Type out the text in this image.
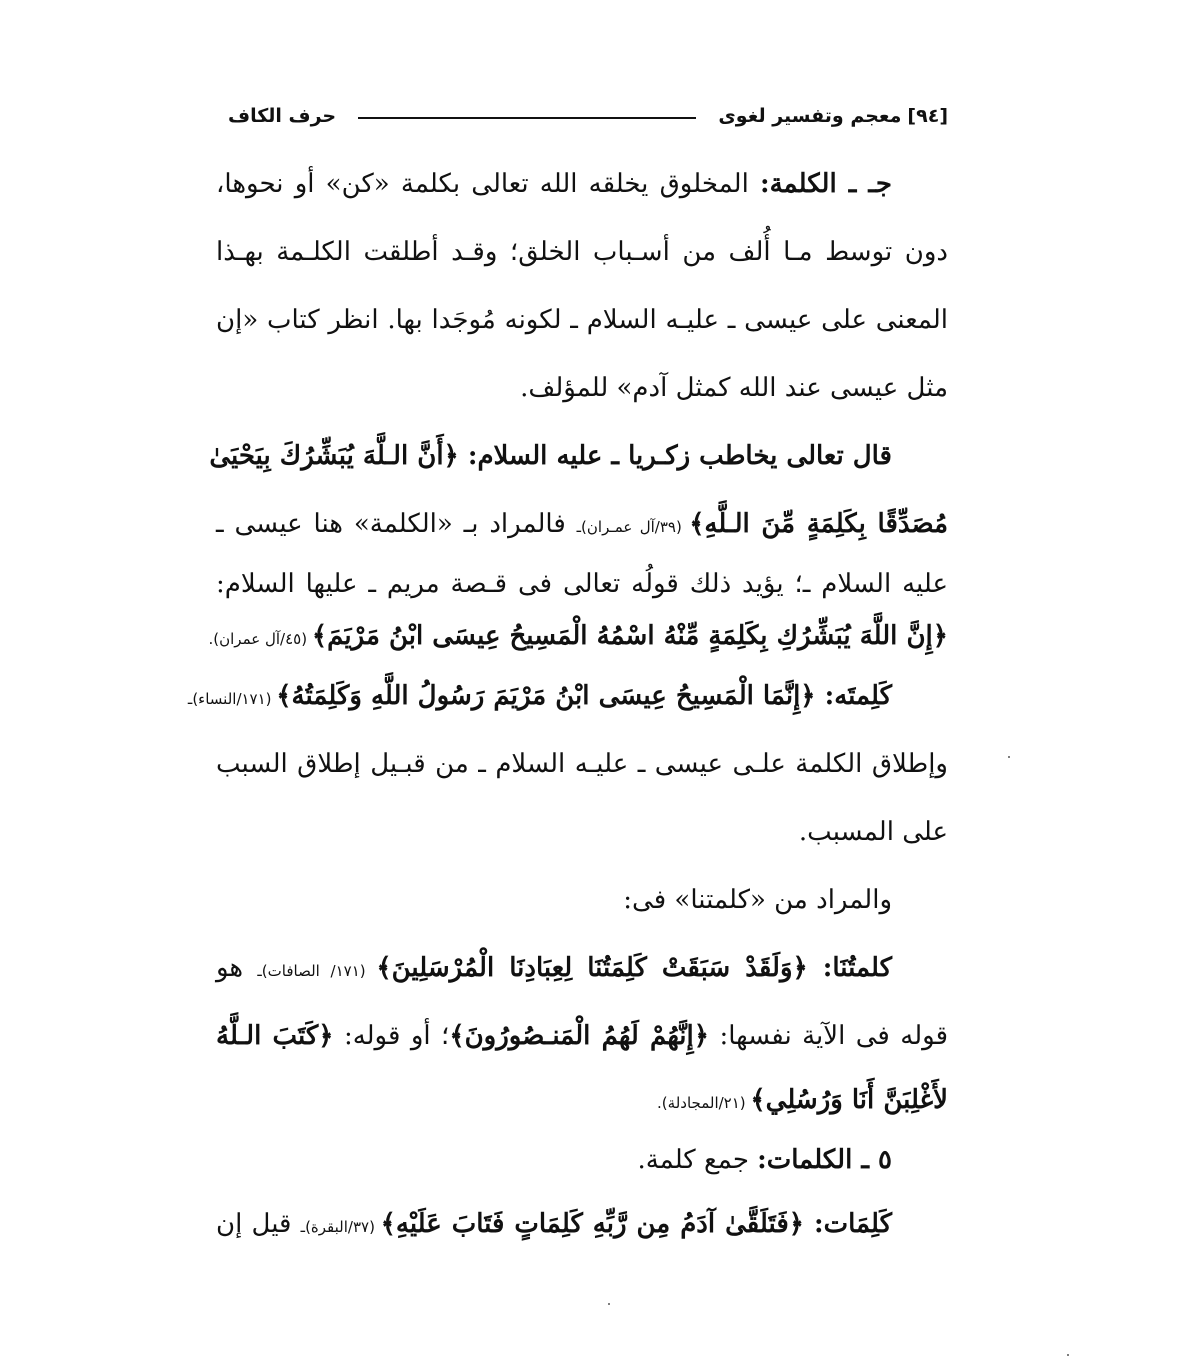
[٩٤]
معجم وتفسير لغوى
حرف الكاف
جـ ـ الكلمة: المخلوق يخلقه الله تعالى بكلمة «كن» أو نحوها،
دون توسط مـا أُلف من أسـباب الخلق؛ وقـد أطلقت الكلـمة بهـذا
المعنى على عيسى ـ عليـه السلام ـ لكونه مُوجَدا بها. انظر كتاب «إن
مثل عيسى عند الله كمثل آدم» للمؤلف.
قال تعالى يخاطب زكـريا ـ عليه السلام: ﴿أَنَّ الـلَّهَ يُبَشِّرُكَ بِيَحْيَىٰ
مُصَدِّقًا بِكَلِمَةٍ مِّنَ الـلَّهِ﴾ (٣٩/آل عمـران)ـ فالمراد بـ «الكلمة» هنا عيسى ـ
عليه السلام ـ؛ يؤيد ذلك قولُه تعالى فى قـصة مريم ـ عليها السلام:
﴿إِنَّ اللَّهَ يُبَشِّرُكِ بِكَلِمَةٍ مِّنْهُ اسْمُهُ الْمَسِيحُ عِيسَى ابْنُ مَرْيَمَ﴾ (٤٥/آل عمران).
كَلِمتَه: ﴿إِنَّمَا الْمَسِيحُ عِيسَى ابْنُ مَرْيَمَ رَسُولُ اللَّهِ وَكَلِمَتُهُ﴾ (١٧١/النساء)ـ
وإطلاق الكلمة علـى عيسى ـ عليـه السلام ـ من قبـيل إطلاق السبب
على المسبب.
والمراد من «كلمتنا» فى:
كلمتُنَا: ﴿وَلَقَدْ سَبَقَتْ كَلِمَتُنَا لِعِبَادِنَا الْمُرْسَلِينَ﴾ (١٧١/ الصافات)ـ هو
قوله فى الآية نفسها: ﴿إِنَّهُمْ لَهُمُ الْمَنـصُورُونَ﴾؛ أو قوله: ﴿كَتَبَ الـلَّهُ
لأَغْلِبَنَّ أَنَا وَرُسُلِي﴾ (٢١/المجادلة).
٥ ـ الكلمات: جمع كلمة.
كَلِمَات: ﴿فَتَلَقَّىٰ آدَمُ مِن رَّبِّهِ كَلِمَاتٍ فَتَابَ عَلَيْهِ﴾ (٣٧/البقرة)ـ قيل إن
